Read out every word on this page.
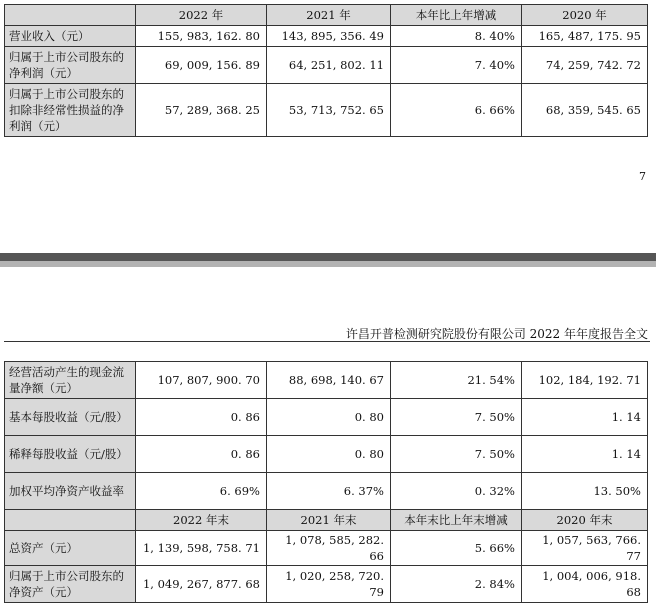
	2022 年	2021 年	本年比上年增减	2020 年
营业收入（元）	155, 983, 162. 80	143, 895, 356. 49	8. 40%	165, 487, 175. 95
归属于上市公司股东的净利润（元）	69, 009, 156. 89	64, 251, 802. 11	7. 40%	74, 259, 742. 72
归属于上市公司股东的扣除非经常性损益的净利润（元）	57, 289, 368. 25	53, 713, 752. 65	6. 66%	68, 359, 545. 65
7
许昌开普检测研究院股份有限公司 2022 年年度报告全文
经营活动产生的现金流量净额（元）	107, 807, 900. 70	88, 698, 140. 67	21. 54%	102, 184, 192. 71
基本每股收益（元/股）	0. 86	0. 80	7. 50%	1. 14
稀释每股收益（元/股）	0. 86	0. 80	7. 50%	1. 14
加权平均净资产收益率	6. 69%	6. 37%	0. 32%	13. 50%
	2022 年末	2021 年末	本年末比上年末增减	2020 年末
总资产（元）	1, 139, 598, 758. 71	1, 078, 585, 282. 66	5. 66%	1, 057, 563, 766. 77
归属于上市公司股东的净资产（元）	1, 049, 267, 877. 68	1, 020, 258, 720. 79	2. 84%	1, 004, 006, 918. 68
